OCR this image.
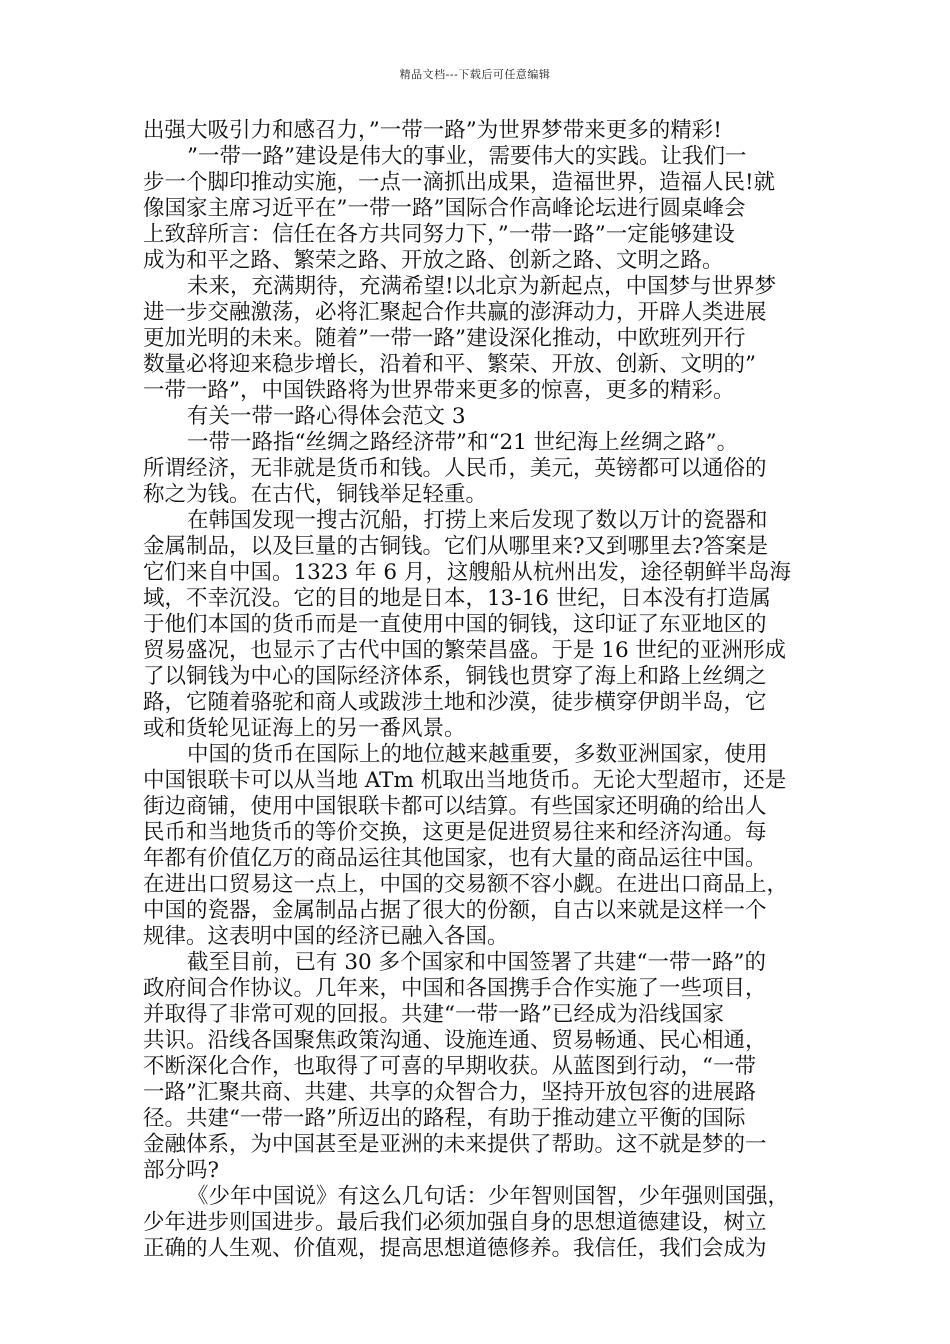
精品文档---下载后可任意编辑
出强大吸引力和感召力，”一带一路”为世界梦带来更多的精彩!
”一带一路”建设是伟大的事业，需要伟大的实践。让我们一
步一个脚印推动实施，一点一滴抓出成果，造福世界，造福人民!就
像国家主席习近平在”一带一路”国际合作高峰论坛进行圆桌峰会
上致辞所言：信任在各方共同努力下，”一带一路”一定能够建设
成为和平之路、繁荣之路、开放之路、创新之路、文明之路。
未来，充满期待，充满希望!以北京为新起点，中国梦与世界梦
进一步交融激荡，必将汇聚起合作共赢的澎湃动力，开辟人类进展
更加光明的未来。随着”一带一路”建设深化推动，中欧班列开行
数量必将迎来稳步增长，沿着和平、繁荣、开放、创新、文明的”
一带一路”，中国铁路将为世界带来更多的惊喜，更多的精彩。
有关一带一路心得体会范文 3
一带一路指“丝绸之路经济带”和“21 世纪海上丝绸之路”。
所谓经济，无非就是货币和钱。人民币，美元，英镑都可以通俗的
称之为钱。在古代，铜钱举足轻重。
在韩国发现一搜古沉船，打捞上来后发现了数以万计的瓷器和
金属制品，以及巨量的古铜钱。它们从哪里来?又到哪里去?答案是
它们来自中国。1323 年 6 月，这艘船从杭州出发，途径朝鲜半岛海
域，不幸沉没。它的目的地是日本，13-16 世纪，日本没有打造属
于他们本国的货币而是一直使用中国的铜钱，这印证了东亚地区的
贸易盛况，也显示了古代中国的繁荣昌盛。于是 16 世纪的亚洲形成
了以铜钱为中心的国际经济体系，铜钱也贯穿了海上和路上丝绸之
路，它随着骆驼和商人或跋涉土地和沙漠，徒步横穿伊朗半岛，它
或和货轮见证海上的另一番风景。
中国的货币在国际上的地位越来越重要，多数亚洲国家，使用
中国银联卡可以从当地 ATm 机取出当地货币。无论大型超市，还是
街边商铺，使用中国银联卡都可以结算。有些国家还明确的给出人
民币和当地货币的等价交换，这更是促进贸易往来和经济沟通。每
年都有价值亿万的商品运往其他国家，也有大量的商品运往中国。
在进出口贸易这一点上，中国的交易额不容小觑。在进出口商品上，
中国的瓷器，金属制品占据了很大的份额，自古以来就是这样一个
规律。这表明中国的经济已融入各国。
截至目前，已有 30 多个国家和中国签署了共建“一带一路”的
政府间合作协议。几年来，中国和各国携手合作实施了一些项目，
并取得了非常可观的回报。共建“一带一路”已经成为沿线国家
共识。沿线各国聚焦政策沟通、设施连通、贸易畅通、民心相通，
不断深化合作，也取得了可喜的早期收获。从蓝图到行动，“一带
一路”汇聚共商、共建、共享的众智合力，坚持开放包容的进展路
径。共建“一带一路”所迈出的路程，有助于推动建立平衡的国际
金融体系，为中国甚至是亚洲的未来提供了帮助。这不就是梦的一
部分吗?
《少年中国说》有这么几句话：少年智则国智，少年强则国强，
少年进步则国进步。最后我们必须加强自身的思想道德建设，树立
正确的人生观、价值观，提高思想道德修养。我信任，我们会成为
